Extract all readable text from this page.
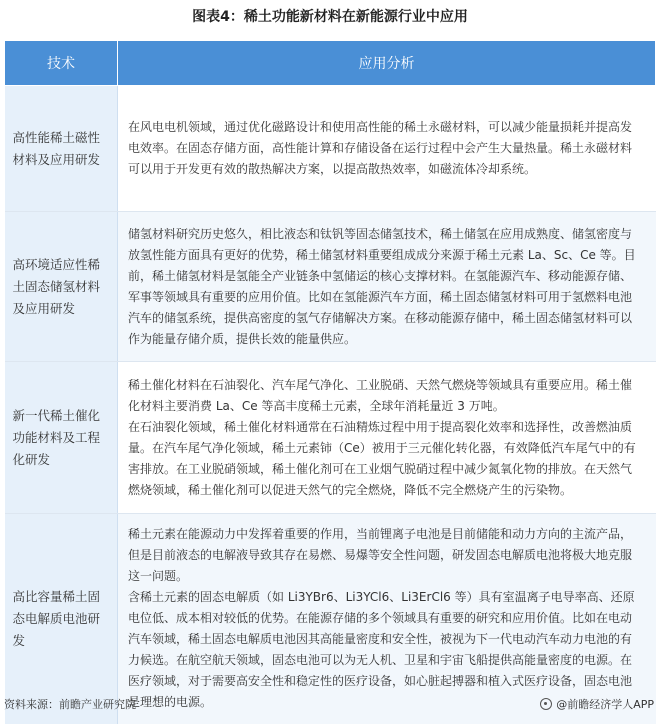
图表4：稀土功能新材料在新能源行业中应用
技术	应用分析
高性能稀土磁性材料及应用研发	在风电电机领域，通过优化磁路设计和使用高性能的稀土永磁材料，可以减少能量损耗并提高发电效率。在固态存储方面，高性能计算和存储设备在运行过程中会产生大量热量。稀土永磁材料可以用于开发更有效的散热解决方案，以提高散热效率，如磁流体冷却系统。

高环境适应性稀土固态储氢材料及应用研发	储氢材料研究历史悠久，相比液态和钛钒等固态储氢技术，稀土储氢在应用成熟度、储氢密度与放氢性能方面具有更好的优势，稀土储氢材料重要组成成分来源于稀土元素 La、Sc、Ce 等。目前，稀土储氢材料是氢能全产业链条中氢储运的核心支撑材料。在氢能源汽车、移动能源存储、军事等领域具有重要的应用价值。比如在氢能源汽车方面，稀土固态储氢材料可用于氢燃料电池汽车的储氢系统，提供高密度的氢气存储解决方案。在移动能源存储中，稀土固态储氢材料可以作为能量存储介质，提供长效的能量供应。

新一代稀土催化功能材料及工程化研发	稀土催化材料在石油裂化、汽车尾气净化、工业脱硝、天然气燃烧等领域具有重要应用。稀土催化材料主要消费 La、Ce 等高丰度稀土元素，全球年消耗量近 3 万吨。

在石油裂化领域，稀土催化材料通常在石油精炼过程中用于提高裂化效率和选择性，改善燃油质量。在汽车尾气净化领域，稀土元素铈（Ce）被用于三元催化转化器，有效降低汽车尾气中的有害排放。在工业脱硝领域，稀土催化剂可在工业烟气脱硝过程中减少氮氧化物的排放。在天然气燃烧领域，稀土催化剂可以促进天然气的完全燃烧，降低不完全燃烧产生的污染物。

高比容量稀土固态电解质电池研发	稀土元素在能源动力中发挥着重要的作用，当前锂离子电池是目前储能和动力方向的主流产品，但是目前液态的电解液导致其存在易燃、易爆等安全性问题，研发固态电解质电池将极大地克服这一问题。

含稀土元素的固态电解质（如 Li3YBr6、Li3YCl6、Li3ErCl6 等）具有室温离子电导率高、还原电位低、成本相对较低的优势。在能源存储的多个领域具有重要的研究和应用价值。比如在电动汽车领域，稀土固态电解质电池因其高能量密度和安全性，被视为下一代电动汽车动力电池的有力候选。在航空航天领域，固态电池可以为无人机、卫星和宇宙飞船提供高能量密度的电源。在医疗领域，对于需要高安全性和稳定性的医疗设备，如心脏起搏器和植入式医疗设备，固态电池是理想的电源。

资料来源：前瞻产业研究院	@前瞻经济学人APP
